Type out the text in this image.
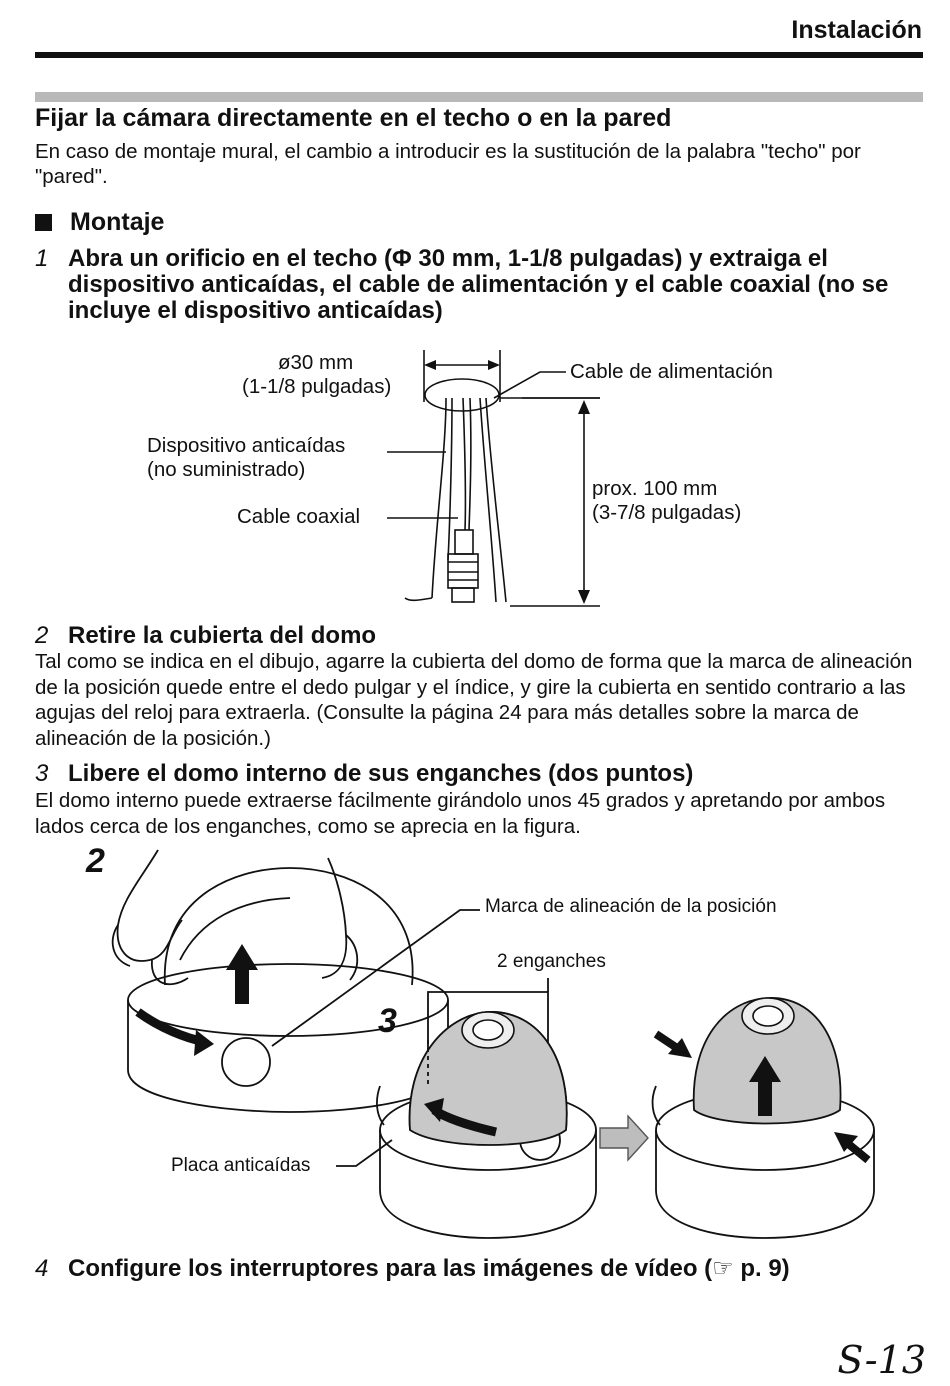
Instalación
Fijar la cámara directamente en el techo o en la pared
En caso de montaje mural, el cambio a introducir es la sustitución de la palabra "techo" por "pared".
Montaje
1 Abra un orificio en el techo (Φ 30 mm, 1-1/8 pulgadas) y extraiga el dispositivo anticaídas, el cable de alimentación y el cable coaxial (no se incluye el dispositivo anticaídas)
ø30 mm
(1-1/8 pulgadas)
Cable de alimentación
Dispositivo anticaídas
(no suministrado)
Cable coaxial
prox. 100 mm
(3-7/8 pulgadas)
2 Retire la cubierta del domo
Tal como se indica en el dibujo, agarre la cubierta del domo de forma que la marca de alineación de la posición quede entre el dedo pulgar y el índice, y gire la cubierta en sentido contrario a las agujas del reloj para extraerla. (Consulte la página 24 para más detalles sobre la marca de alineación de la posición.)
3 Libere el domo interno de sus enganches (dos puntos)
El domo interno puede extraerse fácilmente girándolo unos 45 grados y apretando por ambos lados cerca de los enganches, como se aprecia en la figura.
2
3
Marca de alineación de la posición
2 enganches
Placa anticaídas
4 Configure los interruptores para las imágenes de vídeo (☞ p. 9)
S-13
